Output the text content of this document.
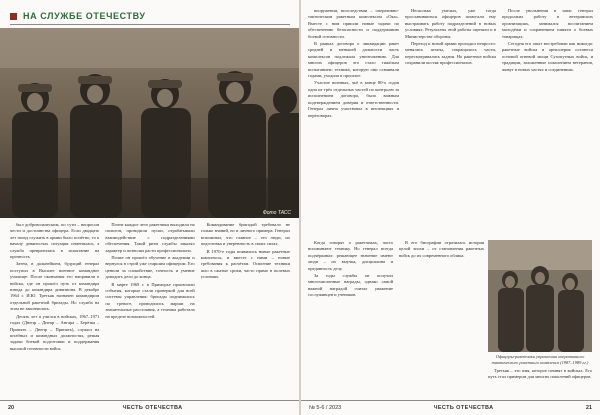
НА СЛУЖБЕ ОТЕЧЕСТВУ
Фото ТАСС

был добровольческим, по сути – вопросом чести и достоинства офицера. Если двадцать лет назад служить в армии было почётно, то к началу девяностых ситуация изменилась, а служба превратилась в испытание на прочность.

Затем, в дальнейшем, будущий генерал поступил в Высшее военное командное училище. После окончания его направили в войска, где он прошёл путь от командира взвода до командира дивизиона. В декабре 1964 г. И.Ю. Третьяк назначен командиром отдельной ракетной бригады. Но служба на этом не закончилась.

Десять лет я учился в войсках, 1967–1971 годах (Днепр – Днепр – Ангара – Берёзка – Припять – Днепр – Припять), служил на штабных и командных должностях, решая задачи боевой подготовки и поддержания высокой готовности войск.

Почти каждое лето ракетчики выходили на полигон, проводили пуски, отрабатывали взаимодействие с подразделениями обеспечения. Такой ритм службы закалял характер и позволял расти профессионально.

Позже он прошёл обучение в академии и вернулся в строй уже старшим офицером. Его ценили за спокойствие, точность и умение доводить дело до конца.

В марте 1969 г. в Приморье произошли события, которые стали проверкой для всей системы управления: бригады поднимались по тревоге, проводились марши на значительные расстояния, а техника работала на пределе возможностей.

Командование бригадой требовало не только знаний, но и личного примера. Генерал вспоминал, что главное – это люди, их подготовка и уверенность в своих силах.

В 1970-е годы появились новые ракетные комплексы, и вместе с ними – новые требования к расчётам. Освоение техники шло в сжатые сроки, часто прямо в полевых условиях.

20	ЧЕСТЬ ОТЕЧЕСТВА

вооружения, впоследствии – оперативно-тактическим ракетным комплексом «Ока». Вместе с ним пришли новые задачи по обеспечению безопасности и поддержанию боевой готовности.

В рамках договора о ликвидации ракет средней и меньшей дальности часть комплексов подлежала уничтожению. Для многих офицеров это стало тяжёлым испытанием: техника, которую они осваивали годами, уходила в прошлое.

Участие военных, чьё в конце 80-х годов одна из трёх отдельных частей по контролю за исполнением договора, было важным подтверждением доверия и ответственности. Генерал лично участвовал в инспекциях и переговорах.

Несколько умелых, уже тогда прославившихся офицеров помогали ему выстраивать работу подразделений в новых условиях. Результаты этой работы оценили и в Министерстве обороны.

Переход к новой армии проходил непросто: менялись штаты, сокращались части, пересматривались задачи. Но ракетные войска сохранили костяк профессионалов.

После увольнения в запас генерал продолжил работу в ветеранских организациях, занимался воспитанием молодёжи и сохранением памяти о боевых товарищах.

Сегодня его опыт востребован как никогда: ракетные войска и артиллерия остаются основой огневой мощи Сухопутных войск, и традиции, заложенные поколением ветеранов, живут в новых частях и соединениях.

Когда говорят о ракетчиках, часто вспоминают технику. Но генерал всегда подчёркивал: решающее значение имеют люди – их выучка, дисциплина и преданность делу.

За годы службы он получил многочисленные награды, однако самой важной наградой считал уважение сослуживцев и учеников.

В его биографии отразилась история целой эпохи – от становления ракетных войск до их современного облика.

Офицеры-ракетчики управления оперативного тактического ракетного комплекса (1987–1989 гг.)

Третьяк – это имя, которое помнят в войсках. Его путь стал примером для многих поколений офицеров.

№ 5-6 / 2023	ЧЕСТЬ ОТЕЧЕСТВА	21
